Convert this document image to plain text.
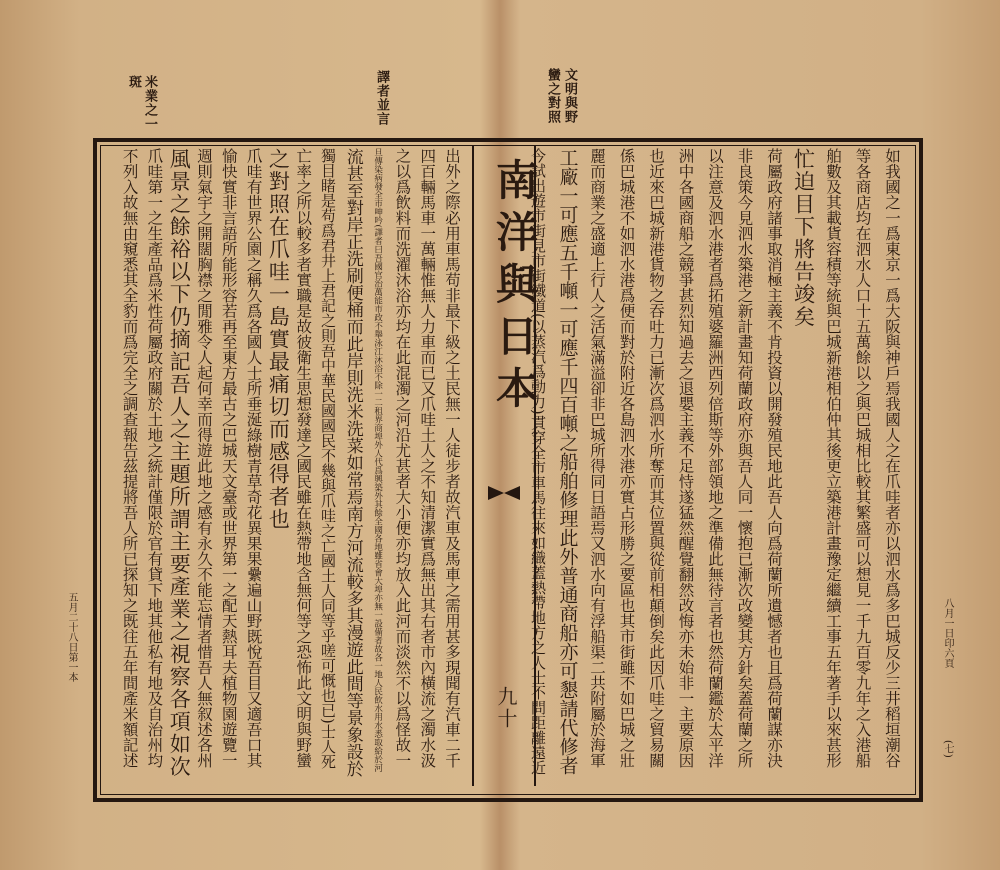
文明與野
蠻之對照
譯者並言
米業之一
斑
如我國之一爲東京一爲大阪與神戶焉我國人之在爪哇者亦以泗水爲多巴城反少三井稻垣潮谷
等各商店均在泗水人口十五萬餘以之與巴城相比較其繁盛可以想見一千九百零九年之入港船
舶數及其載貨容積等統與巴城新港相伯仲其後更立築港計畫豫定繼續工事五年著手以來甚形
忙迫目下將告竣矣
荷屬政府諸事取消極主義不肯投資以開發殖民地此吾人向爲荷蘭所遺憾者也且爲荷蘭謀亦決
非良策今見泗水築港之新計畫知荷蘭政府亦與吾人同一懷抱已漸次改變其方針矣蓋荷蘭之所
以注意及泗水港者爲拓殖婆羅洲西列倍斯等外部領地之準備此無待言者也然荷蘭鑑於太平洋
洲中各國商船之競爭甚烈知過去之退嬰主義不足恃遂猛然醒覺翻然改悔亦未始非一主要原因
也近來巴城新港貨物之吞吐力已漸次爲泗水所奪而其位置與從前相顛倒矣此因爪哇之貿易關
係巴城港不如泗水港爲便而對於附近各島泗水港亦實占形勝之要區也其市街雖不如巴城之壯
麗而商業之盛適上行人之活氣滿溢卻非巴城所得同日語焉又泗水向有浮船渠二共附屬於海軍
工廠一可應五千噸一可應千四百噸之船舶修理此外普通商船亦可懇請代修者
今試出遊市街見市街鐵道(以蒸汽爲動力)貫穿全市車馬往來如織蓋熱帶地方之人士不問距離遠近
南洋與日本
九十
出外之際必用車馬苟非最下級之土民無一人徒步者故汽車及馬車之需用甚多現聞有汽車二千
四百輛馬車一萬輛惟無人力車而已又爪哇土人之不知清潔實爲無出其右者市內橫流之濁水汲
之以爲飲料而洗濯沐浴亦均在此混濁之河沿尤甚者大小便亦均放入此河而淡然不以爲怪故一
旦傳染病發全市呻吟(譯者曰吾國官治萬能市政不舉泳江沐浴不除一二租界商埠外人代爲興築外其餘全國各地雖省會大埠亦無一設備者故各一地人民飲水用水悉取給於河
流甚至對岸正洗刷便桶而此岸則洗米洗菜如常焉南方河流較多其漫遊此間等景象設於
獨目睹是苟爲君井上君記之則吾中華民國國民不幾與爪哇之亡國土人同等乎嗟可慨也已)士人死
亡率之所以較多者實職是故彼衛生思想發達之國民雖在熱帶地含無何等之恐怖此文明與野蠻
之對照在爪哇一島實最痛切而感得者也
爪哇有世界公園之稱久爲各國人士所垂涎綠樹青草奇花異果果纍遍山野既悅吾目又適吾口其
愉快實非言語所能形容若再至東方最古之巴城天文臺或世界第一之配天熱耳夫植物園遊覽一
週則氣宇之開闊胸襟之閒雅令人起何幸而得遊此地之感有永久不能忘情者惜吾人無叙述各州
風景之餘裕以下仍摘記吾人之主題所謂主要產業之視察各項如次
爪哇第一之生產品爲米性荷屬政府關於土地之統計僅限於官有貸下地其他私有地及自治州均
不列入故無由窺悉其全豹而爲完全之調查報告茲提將吾人所已探知之既往五年間產米額記述
五月二十八日第一本	八月一日印六頁
(七)
